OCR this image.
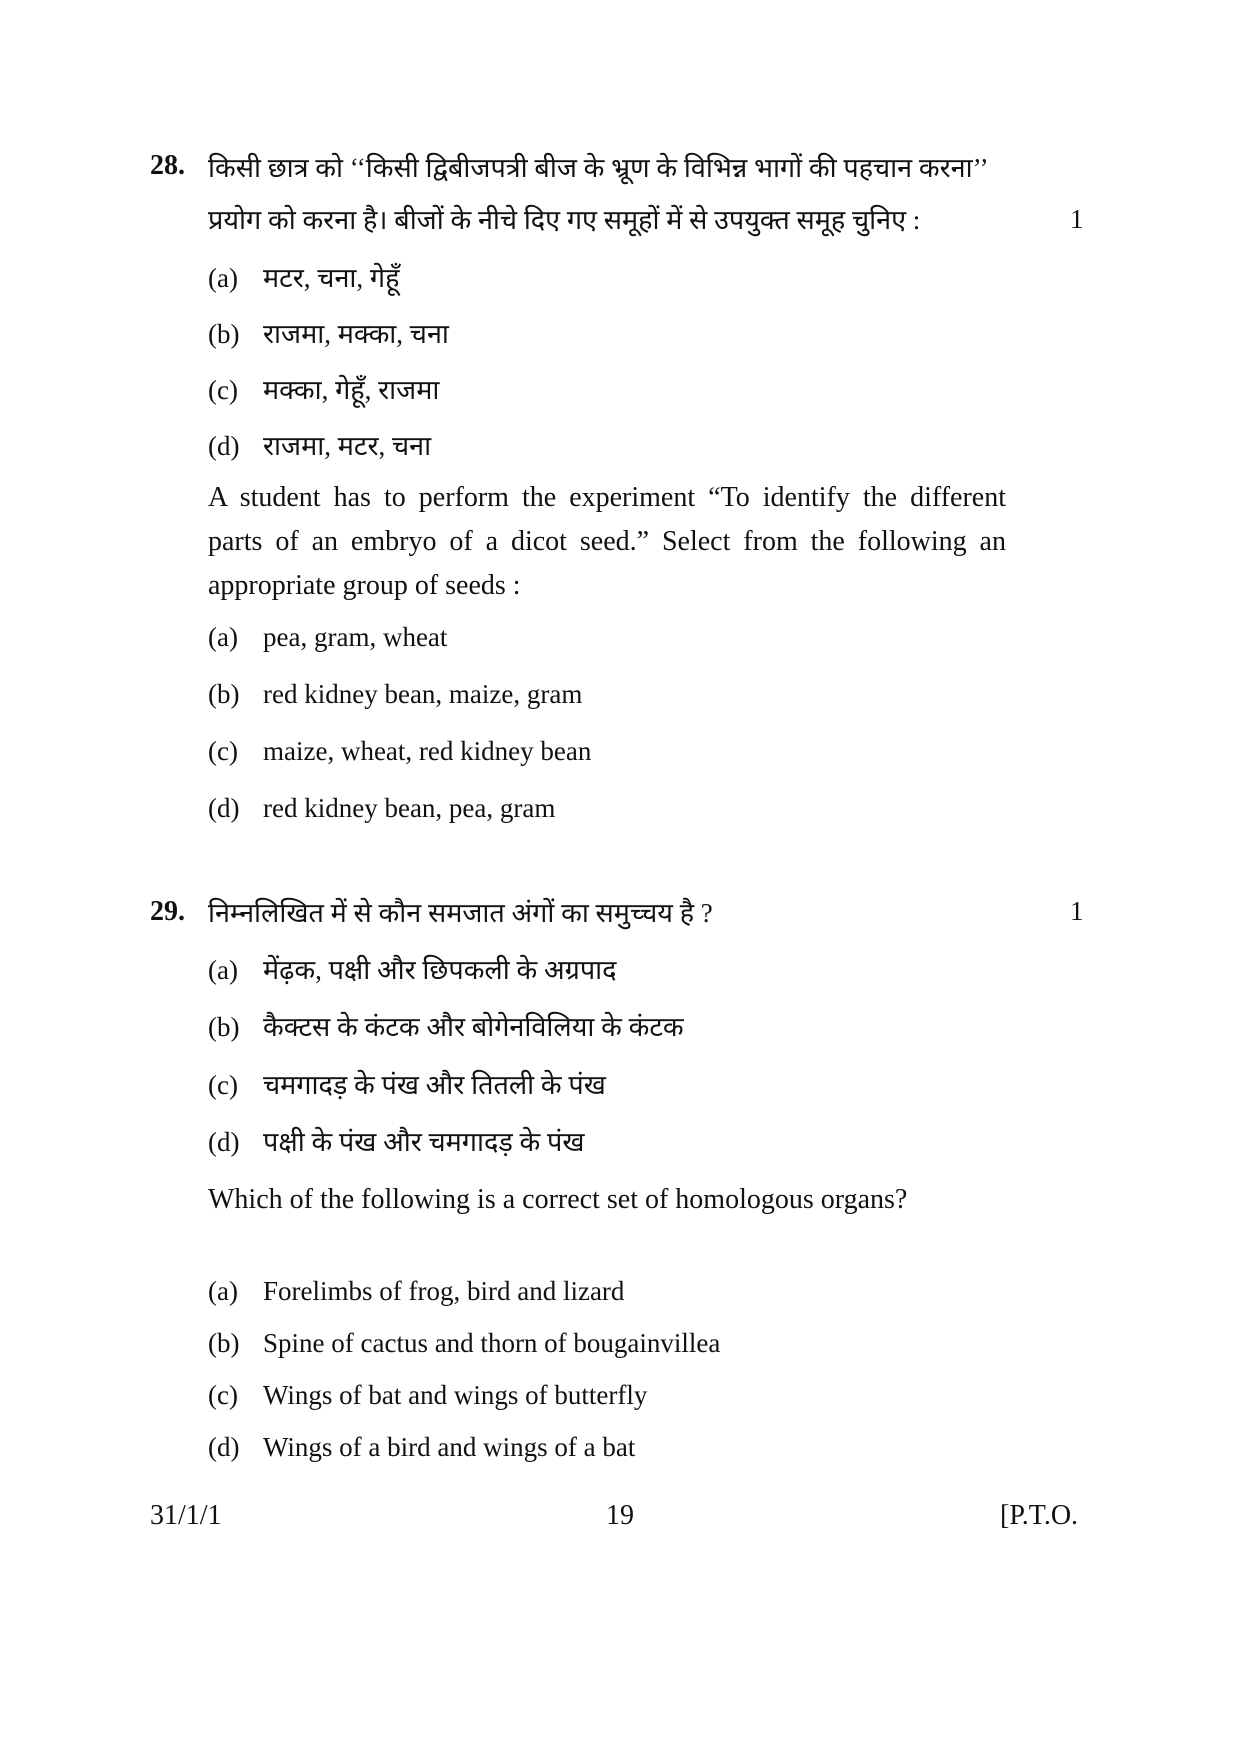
28. किसी छात्र को ‘‘किसी द्विबीजपत्री बीज के भ्रूण के विभिन्न भागों की पहचान करना’’
प्रयोग को करना है। बीजों के नीचे दिए गए समूहों में से उपयुक्त समूह चुनिए :	1
(a) मटर, चना, गेहूँ
(b) राजमा, मक्का, चना
(c) मक्का, गेहूँ, राजमा
(d) राजमा, मटर, चना
A student has to perform the experiment “To identify the different parts of an embryo of a dicot seed.” Select from the following an appropriate group of seeds :
(a) pea, gram, wheat
(b) red kidney bean, maize, gram
(c) maize, wheat, red kidney bean
(d) red kidney bean, pea, gram
29. निम्नलिखित में से कौन समजात अंगों का समुच्चय है ?	1
(a) मेंढ़क, पक्षी और छिपकली के अग्रपाद
(b) कैक्टस के कंटक और बोगेनविलिया के कंटक
(c) चमगादड़ के पंख और तितली के पंख
(d) पक्षी के पंख और चमगादड़ के पंख
Which of the following is a correct set of homologous organs?
(a) Forelimbs of frog, bird and lizard
(b) Spine of cactus and thorn of bougainvillea
(c) Wings of bat and wings of butterfly
(d) Wings of a bird and wings of a bat
31/1/1	19	[P.T.O.
